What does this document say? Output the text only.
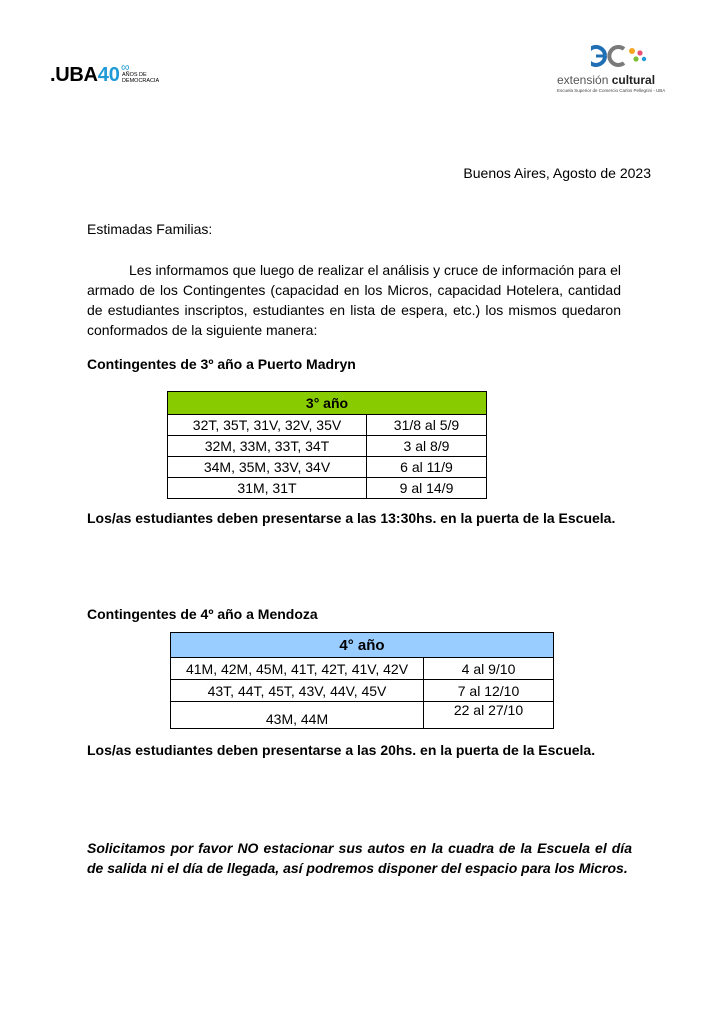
.UBA 40 ∞
AÑOS DE
DEMOCRACIA	extensión cultural
Escuela Superior de Comercio Carlos Pellegrini - UBA
Buenos Aires, Agosto de 2023
Estimadas Familias:

Les informamos que luego de realizar el análisis y cruce de información para el armado de los Contingentes (capacidad en los Micros, capacidad Hotelera, cantidad de estudiantes inscriptos, estudiantes en lista de espera, etc.) los mismos quedaron conformados de la siguiente manera:

Contingentes de 3º año a Puerto Madryn
3° año	
32T, 35T, 31V, 32V, 35V	31/8 al 5/9
32M, 33M, 33T, 34T	3 al 8/9
34M, 35M, 33V, 34V	6 al 11/9
31M, 31T	9 al 14/9
Los/as estudiantes deben presentarse a las 13:30hs. en la puerta de la Escuela.
Contingentes de 4º año a Mendoza
4° año	
41M, 42M, 45M, 41T, 42T, 41V, 42V	4 al 9/10
43T, 44T, 45T, 43V, 44V, 45V	7 al 12/10
43M, 44M	22 al 27/10
Los/as estudiantes deben presentarse a las 20hs. en la puerta de la Escuela.

Solicitamos por favor NO estacionar sus autos en la cuadra de la Escuela el día de salida ni el día de llegada, así podremos disponer del espacio para los Micros.
